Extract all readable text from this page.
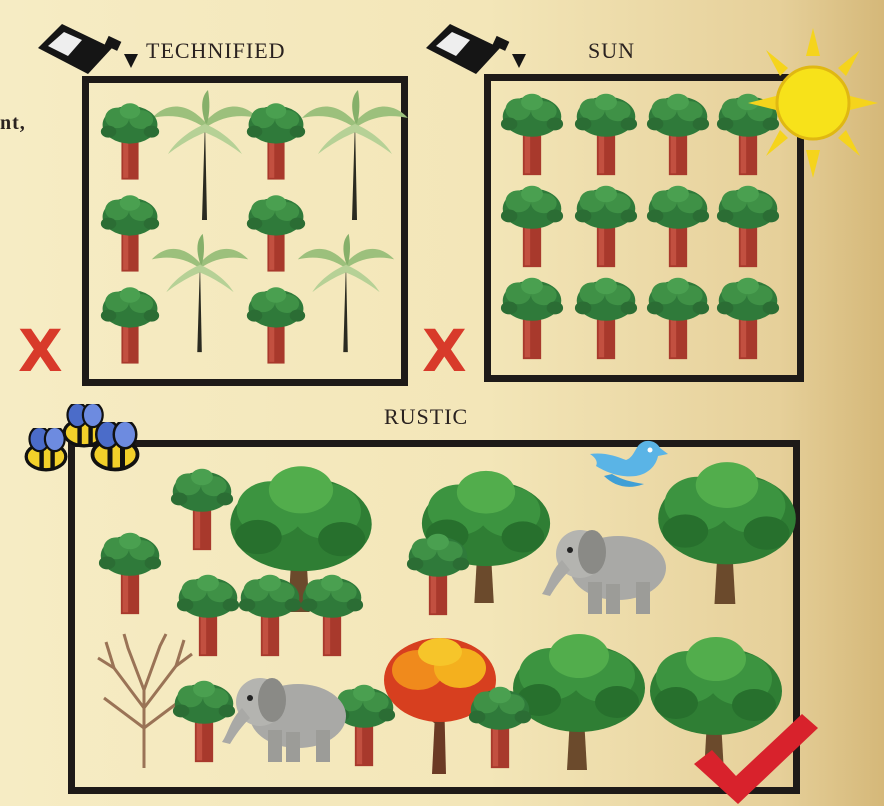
nt,
TECHNIFIED
X
SUN
X
RUSTIC
